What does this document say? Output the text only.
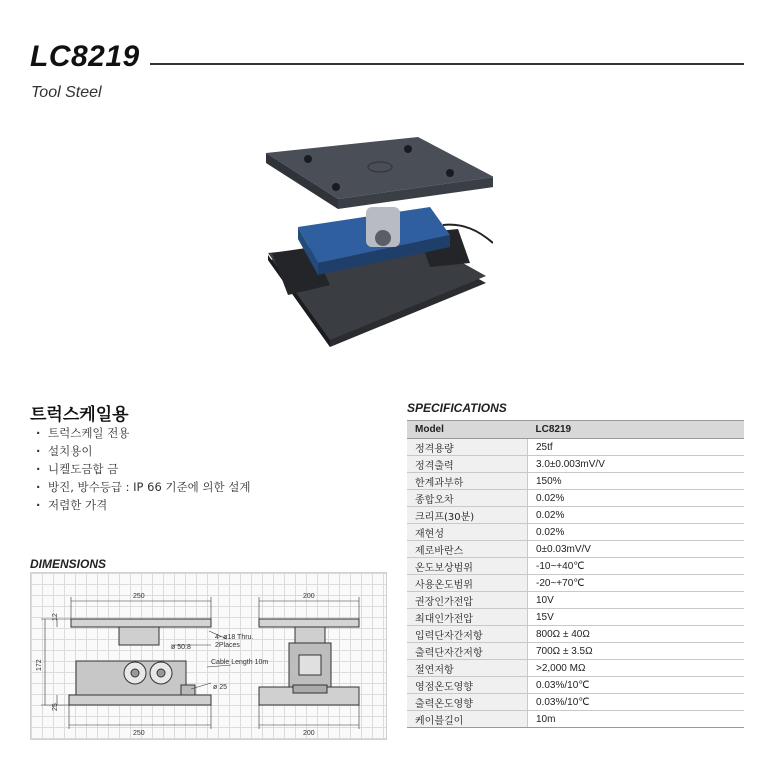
LC8219
Tool Steel
트럭스케일용
· 트럭스케일 전용
· 설치용이
· 니켈도금합 금
· 방진, 방수등급 : IP 66 기준에 의한 설계
· 저렴한 가격
DIMENSIONS
250
250
172
12
25
ø 50.8
4- ø18 Thru.
2Places
Cable Length 10m
ø 25
200
200
SPECIFICATIONS
Model	LC8219
정격용량	25tf
정격출력	3.0±0.003mV/V
한계과부하	150%
종합오차	0.02%
크리프(30분)	0.02%
재현성	0.02%
제로바란스	0±0.03mV/V
온도보상범위	-10~+40℃
사용온도범위	-20~+70℃
권장인가전압	10V
최대인가전압	15V
입력단자간저항	800Ω ± 40Ω
출력단자간저항	700Ω ± 3.5Ω
절연저항	>2,000 MΩ
영점온도영향	0.03%/10℃
출력온도영향	0.03%/10℃
케이블길이	10m
